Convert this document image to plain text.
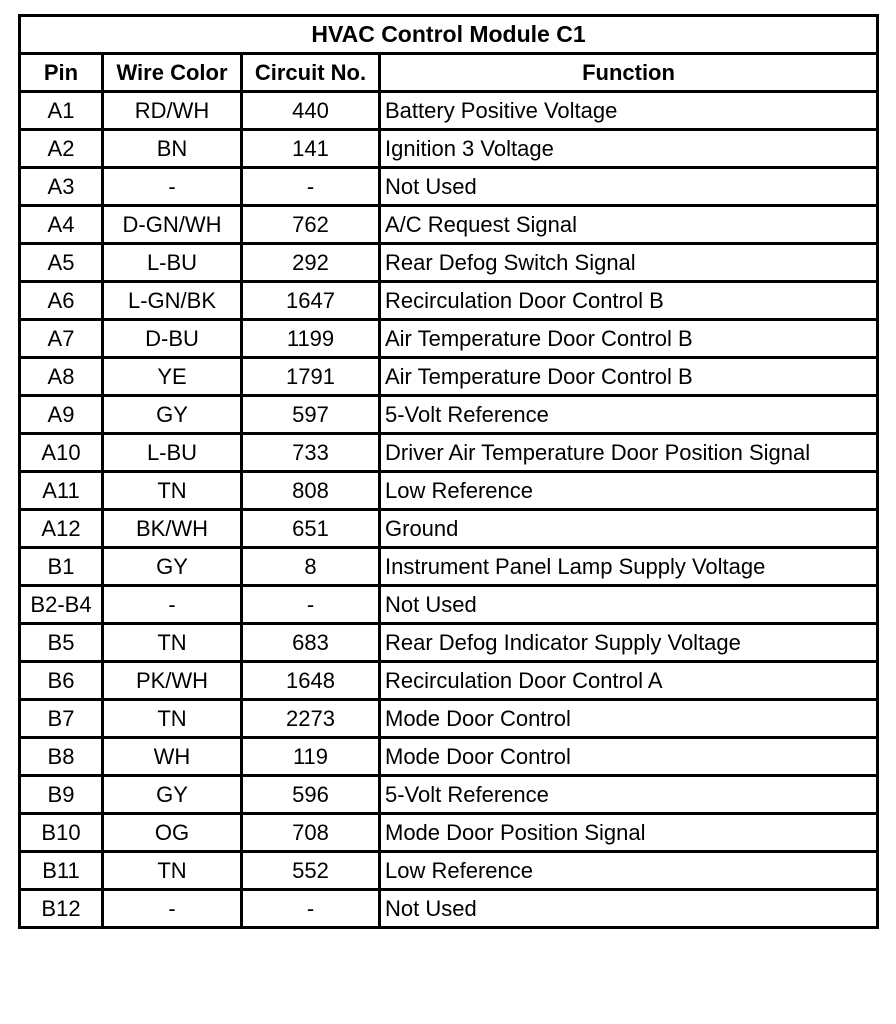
HVAC Control Module C1			
Pin	Wire Color	Circuit No.	Function
A1	RD/WH	440	Battery Positive Voltage
A2	BN	141	Ignition 3 Voltage
A3	-	-	Not Used
A4	D-GN/WH	762	A/C Request Signal
A5	L-BU	292	Rear Defog Switch Signal
A6	L-GN/BK	1647	Recirculation Door Control B
A7	D-BU	1199	Air Temperature Door Control B
A8	YE	1791	Air Temperature Door Control B
A9	GY	597	5-Volt Reference
A10	L-BU	733	Driver Air Temperature Door Position Signal
A11	TN	808	Low Reference
A12	BK/WH	651	Ground
B1	GY	8	Instrument Panel Lamp Supply Voltage
B2-B4	-	-	Not Used
B5	TN	683	Rear Defog Indicator Supply Voltage
B6	PK/WH	1648	Recirculation Door Control A
B7	TN	2273	Mode Door Control
B8	WH	119	Mode Door Control
B9	GY	596	5-Volt Reference
B10	OG	708	Mode Door Position Signal
B11	TN	552	Low Reference
B12	-	-	Not Used
